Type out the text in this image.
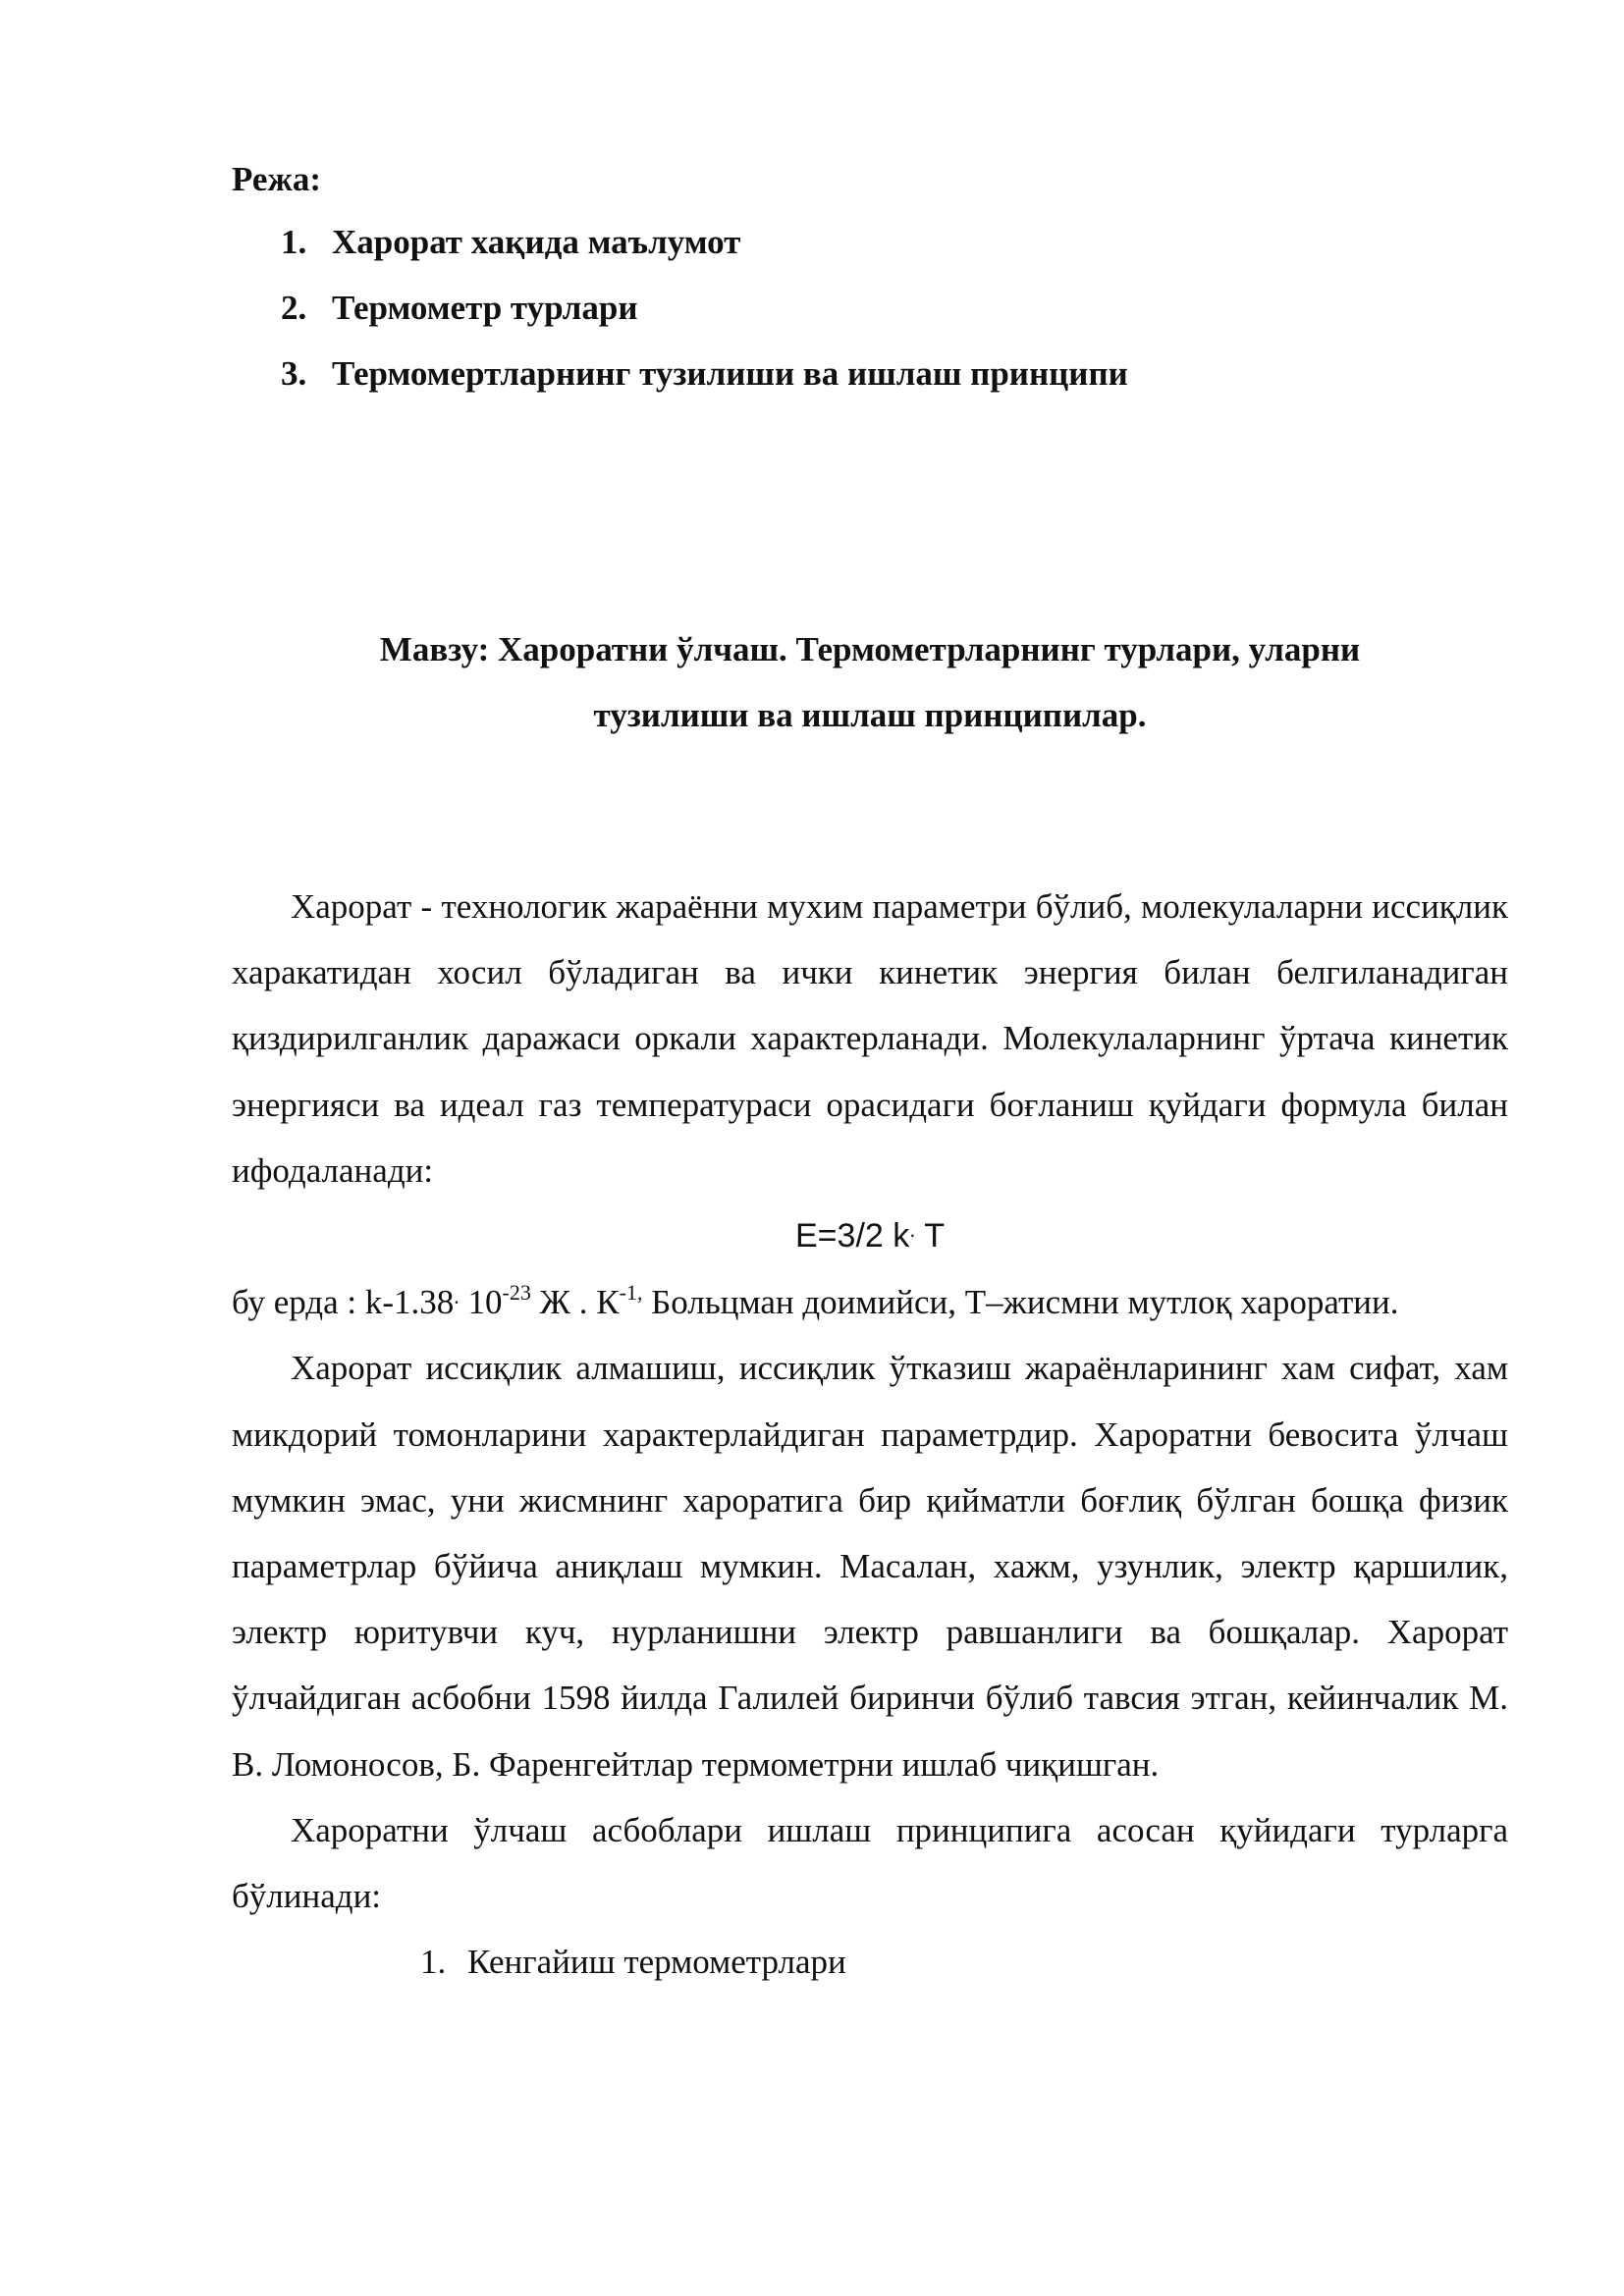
Режа:
1. Харорат хақида маълумот
2. Термометр турлари
3. Термомертларнинг тузилиши ва ишлаш принципи
Мавзу: Хароратни ўлчаш. Термометрларнинг турлари, уларни
тузилиши ва ишлаш принципилар.

Харорат - технологик жараённи мухим параметри бўлиб, молекулаларни иссиқлик харакатидан хосил бўладиган ва ички кинетик энергия билан белгиланадиган қиздирилганлик даражаси оркали характерланади. Молекулаларнинг ўртача кинетик энергияси ва идеал газ температураси орасидаги боғланиш қуйдаги формула билан ифодаланади:

E=3/2 k. T

бу ерда : k-1.38. $10^{-23}$ Ж . $К^{-1,}$ Больцман доимийси, T–жисмни мутлоқ хароратии.

Харорат иссиқлик алмашиш, иссиқлик ўтказиш жараёнларининг хам сифат, хам микдорий томонларини характерлайдиган параметрдир. Хароратни бевосита ўлчаш мумкин эмас, уни жисмнинг хароратига бир қийматли боғлиқ бўлган бошқа физик параметрлар бўйича аниқлаш мумкин. Масалан, хажм, узунлик, электр қаршилик, электр юритувчи куч, нурланишни электр равшанлиги ва бошқалар. Харорат ўлчайдиган асбобни 1598 йилда Галилей биринчи бўлиб тавсия этган, кейинчалик М. В. Ломоносов, Б. Фаренгейтлар термометрни ишлаб чиқишган.

Хароратни ўлчаш асбоблари ишлаш принципига асосан қуйидаги турларга бўлинади:

1. Кенгайиш термометрлари
